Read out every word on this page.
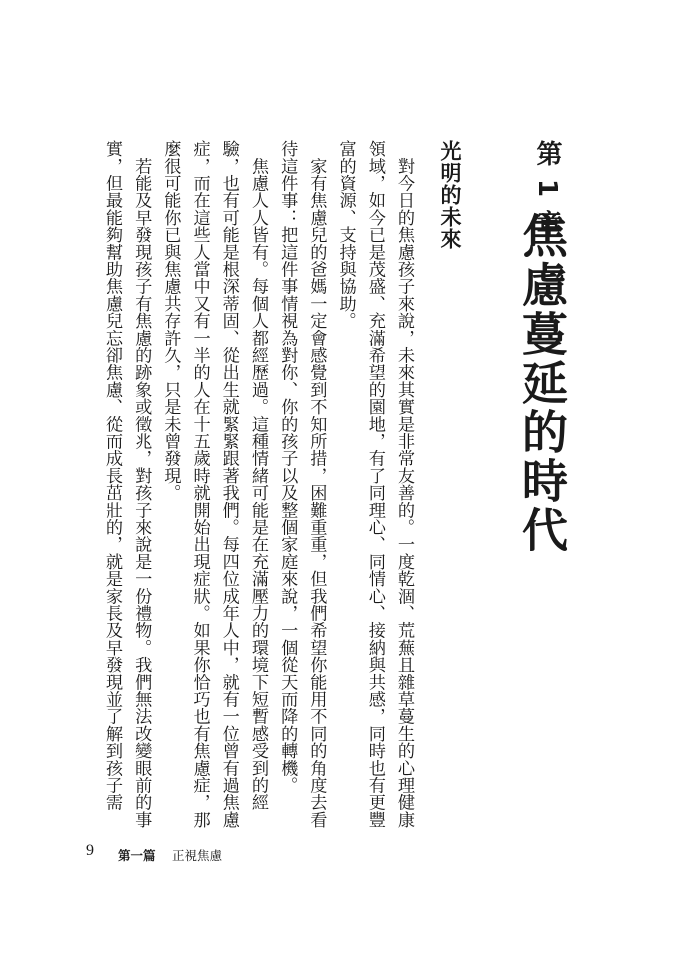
第 1 章
焦慮蔓延的時代
光明的未來

　對今日的焦慮孩子來說，未來其實是非常友善的。一度乾涸、荒蕪且雜草蔓生的心理健康領域，如今已是茂盛、充滿希望的園地，有了同理心、同情心、接納與共感，同時也有更豐富的資源、支持與協助。

　家有焦慮兒的爸媽一定會感覺到不知所措，困難重重，但我們希望你能用不同的角度去看待這件事：把這件事情視為對你、你的孩子以及整個家庭來說，一個從天而降的轉機。

　焦慮人人皆有。每個人都經歷過。這種情緒可能是在充滿壓力的環境下短暫感受到的經驗，也有可能是根深蒂固、從出生就緊緊跟著我們。每四位成年人中，就有一位曾有過焦慮症，而在這些人當中又有一半的人在十五歲時就開始出現症狀。如果你恰巧也有焦慮症，那麼很可能你已與焦慮共存許久，只是未曾發現。

　若能及早發現孩子有焦慮的跡象或徵兆，對孩子來說是一份禮物。我們無法改變眼前的事實，但最能夠幫助焦慮兒忘卻焦慮、從而成長茁壯的，就是家長及早發現並了解到孩子需

9 第一篇 正視焦慮
